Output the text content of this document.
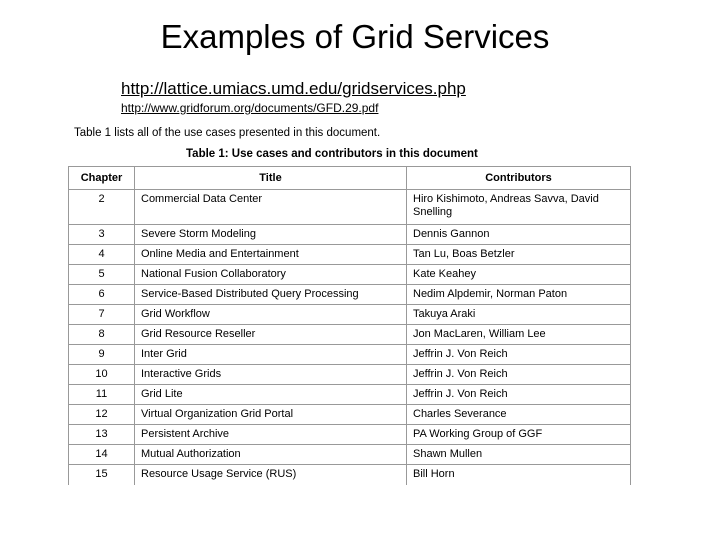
Examples of Grid Services
http://lattice.umiacs.umd.edu/gridservices.php
http://www.gridforum.org/documents/GFD.29.pdf
Table 1 lists all of the use cases presented in this document.
Table 1: Use cases and contributors in this document
Chapter	Title	Contributors
2	Commercial Data Center	Hiro Kishimoto, Andreas Savva, David Snelling
3	Severe Storm Modeling	Dennis Gannon
4	Online Media and Entertainment	Tan Lu, Boas Betzler
5	National Fusion Collaboratory	Kate Keahey
6	Service-Based Distributed Query Processing	Nedim Alpdemir, Norman Paton
7	Grid Workflow	Takuya Araki
8	Grid Resource Reseller	Jon MacLaren, William Lee
9	Inter Grid	Jeffrin J. Von Reich
10	Interactive Grids	Jeffrin J. Von Reich
11	Grid Lite	Jeffrin J. Von Reich
12	Virtual Organization Grid Portal	Charles Severance
13	Persistent Archive	PA Working Group of GGF
14	Mutual Authorization	Shawn Mullen
15	Resource Usage Service (RUS)	Bill Horn
